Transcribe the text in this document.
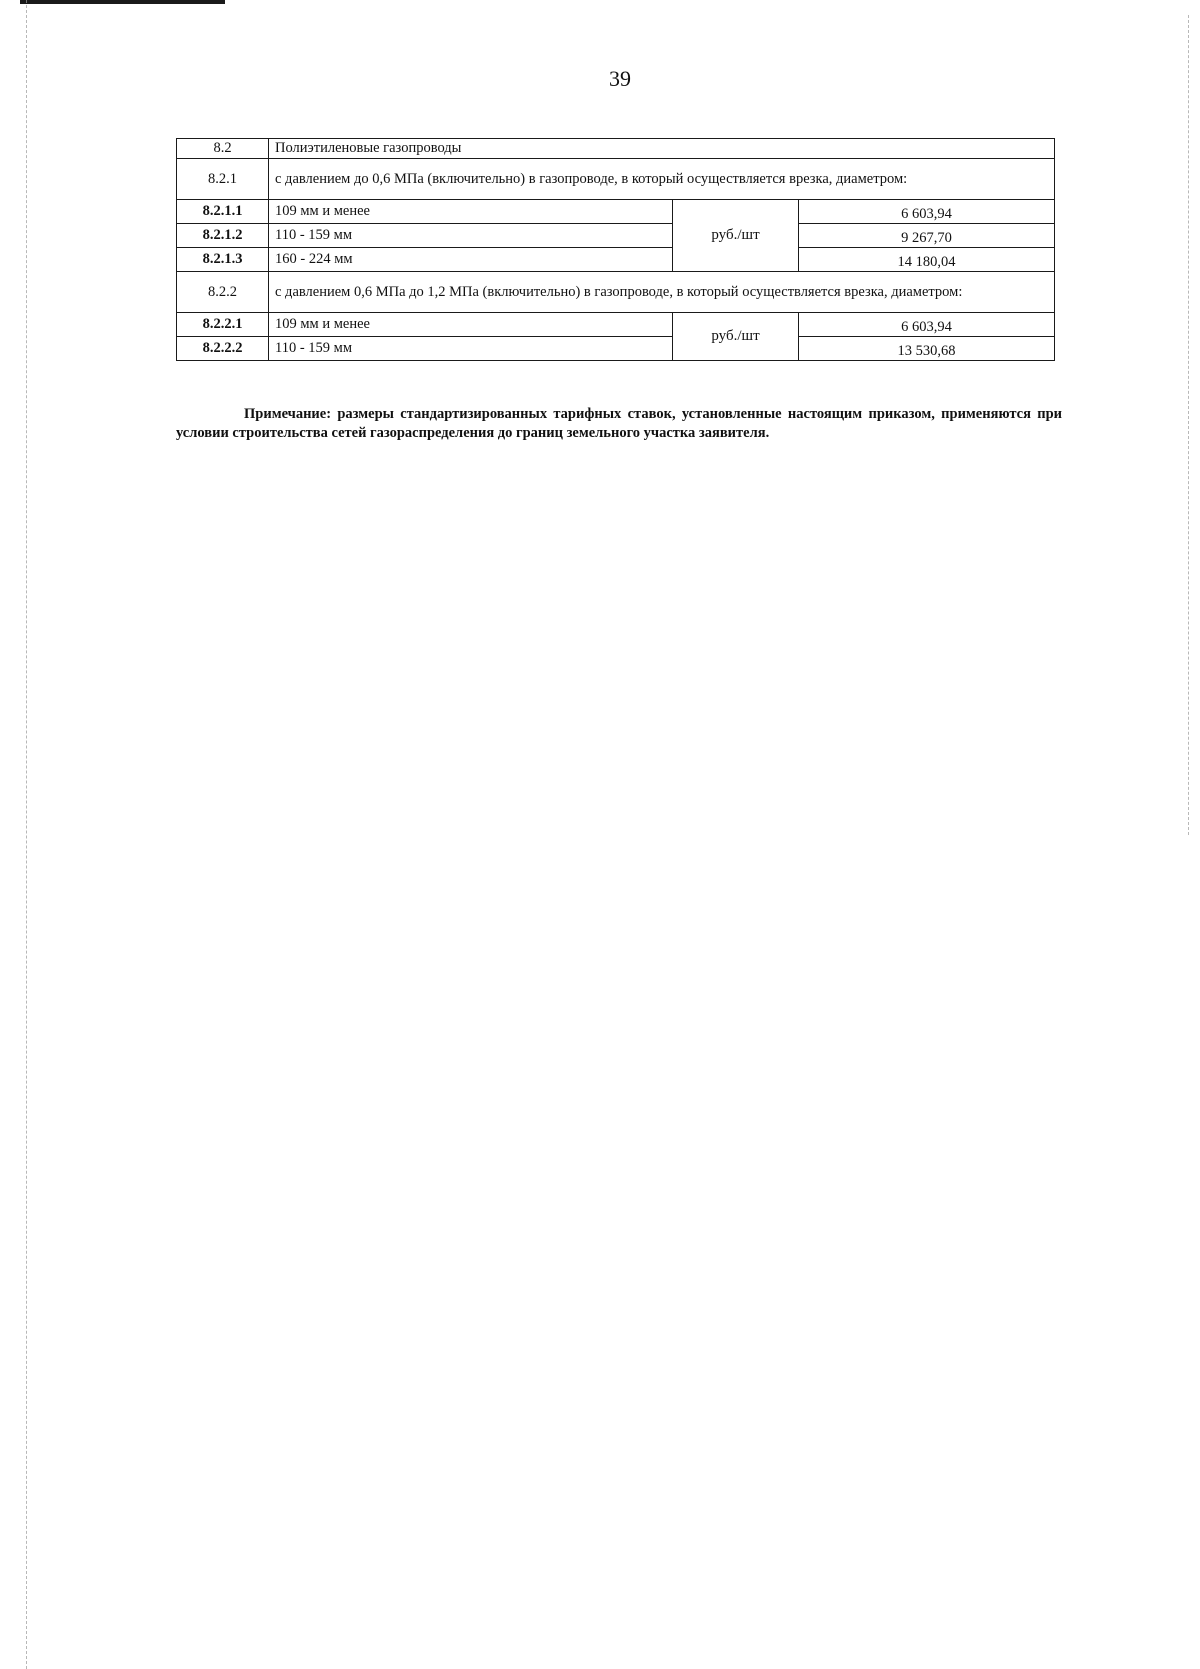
39
8.2	Полиэтиленовые газопроводы		
8.2.1	с давлением до 0,6 МПа (включительно) в газопроводе, в который осуществляется врезка, диаметром:		
8.2.1.1	109 мм и менее	руб./шт	6 603,94
8.2.1.2	110 - 159 мм		9 267,70
8.2.1.3	160 - 224 мм		14 180,04
8.2.2	с давлением 0,6 МПа до 1,2 МПа (включительно) в газопроводе, в который осуществляется врезка, диаметром:		
8.2.2.1	109 мм и менее	руб./шт	6 603,94
8.2.2.2	110 - 159 мм		13 530,68

Примечание: размеры стандартизированных тарифных ставок, установленные настоящим приказом, применяются при условии строительства сетей газораспределения до границ земельного участка заявителя.
